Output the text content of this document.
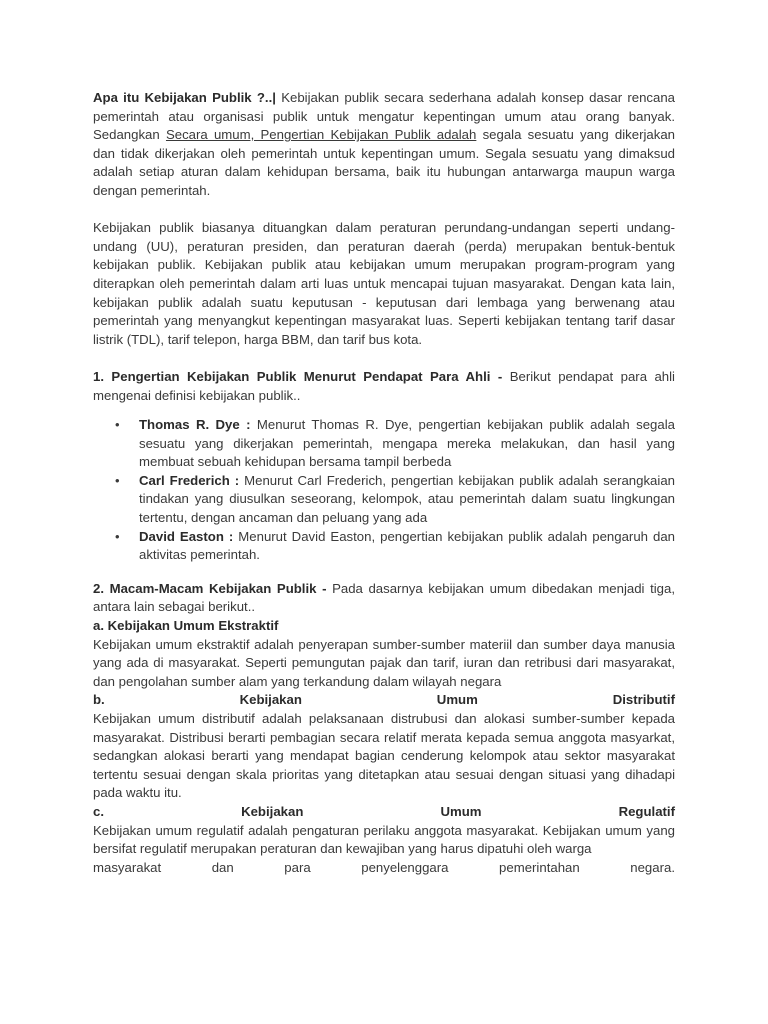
Apa itu Kebijakan Publik ?..| Kebijakan publik secara sederhana adalah konsep dasar rencana pemerintah atau organisasi publik untuk mengatur kepentingan umum atau orang banyak. Sedangkan Secara umum, Pengertian Kebijakan Publik adalah segala sesuatu yang dikerjakan dan tidak dikerjakan oleh pemerintah untuk kepentingan umum. Segala sesuatu yang dimaksud adalah setiap aturan dalam kehidupan bersama, baik itu hubungan antarwarga maupun warga dengan pemerintah.

Kebijakan publik biasanya dituangkan dalam peraturan perundang-undangan seperti undang-undang (UU), peraturan presiden, dan peraturan daerah (perda) merupakan bentuk-bentuk kebijakan publik. Kebijakan publik atau kebijakan umum merupakan program-program yang diterapkan oleh pemerintah dalam arti luas untuk mencapai tujuan masyarakat. Dengan kata lain, kebijakan publik adalah suatu keputusan - keputusan dari lembaga yang berwenang atau pemerintah yang menyangkut kepentingan masyarakat luas. Seperti kebijakan tentang tarif dasar listrik (TDL), tarif telepon, harga BBM, dan tarif bus kota.

1. Pengertian Kebijakan Publik Menurut Pendapat Para Ahli - Berikut pendapat para ahli mengenai definisi kebijakan publik..

• Thomas R. Dye : Menurut Thomas R. Dye, pengertian kebijakan publik adalah segala sesuatu yang dikerjakan pemerintah, mengapa mereka melakukan, dan hasil yang membuat sebuah kehidupan bersama tampil berbeda
• Carl Frederich : Menurut Carl Frederich, pengertian kebijakan publik adalah serangkaian tindakan yang diusulkan seseorang, kelompok, atau pemerintah dalam suatu lingkungan tertentu, dengan ancaman dan peluang yang ada
• David Easton : Menurut David Easton, pengertian kebijakan publik adalah pengaruh dan aktivitas pemerintah.

2. Macam-Macam Kebijakan Publik - Pada dasarnya kebijakan umum dibedakan menjadi tiga, antara lain sebagai berikut..

a. Kebijakan Umum Ekstraktif

Kebijakan umum ekstraktif adalah penyerapan sumber-sumber materiil dan sumber daya manusia yang ada di masyarakat. Seperti pemungutan pajak dan tarif, iuran dan retribusi dari masyarakat, dan pengolahan sumber alam yang terkandung dalam wilayah negara

b.	Kebijakan	Umum	Distributif

Kebijakan umum distributif adalah pelaksanaan distrubusi dan alokasi sumber-sumber kepada masyarakat. Distribusi berarti pembagian secara relatif merata kepada semua anggota masyarkat, sedangkan alokasi berarti yang mendapat bagian cenderung kelompok atau sektor masyarakat tertentu sesuai dengan skala prioritas yang ditetapkan atau sesuai dengan situasi yang dihadapi pada waktu itu.

c.	Kebijakan	Umum	Regulatif

Kebijakan umum regulatif adalah pengaturan perilaku anggota masyarakat. Kebijakan umum yang bersifat regulatif merupakan peraturan dan kewajiban yang harus dipatuhi oleh warga

masyarakat	dan	para	penyelenggara	pemerintahan	negara.
